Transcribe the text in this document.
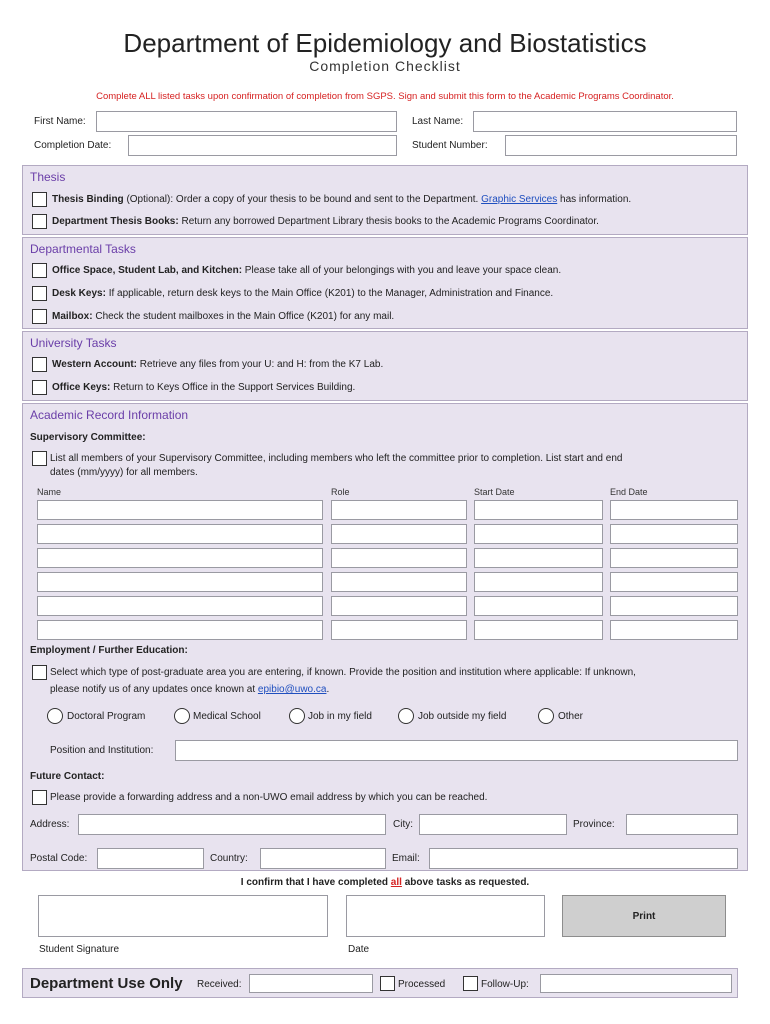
Department of Epidemiology and Biostatistics
Completion Checklist
Complete ALL listed tasks upon confirmation of completion from SGPS. Sign and submit this form to the Academic Programs Coordinator.
First Name:	Last Name:
Completion Date:	Student Number:
Thesis
Thesis Binding (Optional): Order a copy of your thesis to be bound and sent to the Department. Graphic Services has information.
Department Thesis Books: Return any borrowed Department Library thesis books to the Academic Programs Coordinator.
Departmental Tasks
Office Space, Student Lab, and Kitchen: Please take all of your belongings with you and leave your space clean.
Desk Keys: If applicable, return desk keys to the Main Office (K201) to the Manager, Administration and Finance.
Mailbox: Check the student mailboxes in the Main Office (K201) for any mail.
University Tasks
Western Account: Retrieve any files from your U: and H: from the K7 Lab.
Office Keys: Return to Keys Office in the Support Services Building.
Academic Record Information
Supervisory Committee:
List all members of your Supervisory Committee, including members who left the committee prior to completion. List start and end
dates (mm/yyyy) for all members.
Name	Role	Start Date	End Date
Employment / Further Education:
Select which type of post-graduate area you are entering, if known. Provide the position and institution where applicable: If unknown,
please notify us of any updates once known at epibio@uwo.ca.
Doctoral Program	Medical School	Job in my field	Job outside my field	Other
Position and Institution:
Future Contact:
Please provide a forwarding address and a non-UWO email address by which you can be reached.
Address:	City:	Province:
Postal Code:	Country:	Email:
I confirm that I have completed all above tasks as requested.
Student Signature	Date
Print
Department Use Only Received:	Processed	Follow-Up:
